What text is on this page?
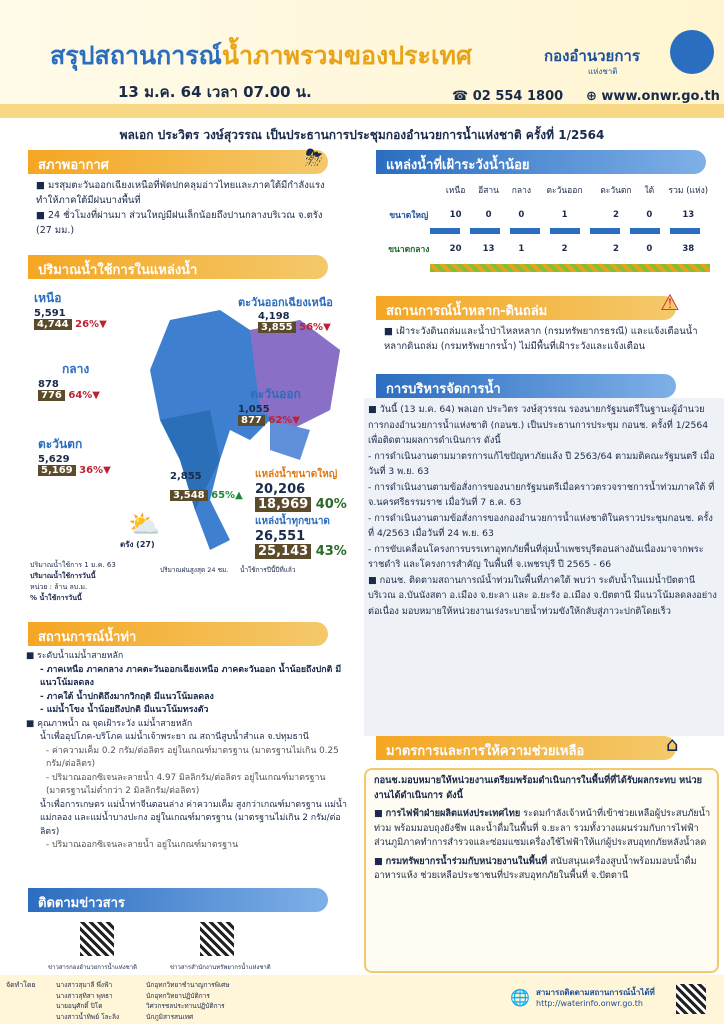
สรุปสถานการณ์น้ำภาพรวมของประเทศ
13 ม.ค. 64 เวลา 07.00 น.
กองอำนวยการ
แห่งชาติ
☎ 02 554 1800 ⊕ www.onwr.go.th
พลเอก ประวิตร วงษ์สุวรรณ เป็นประธานการประชุมกองอำนวยการน้ำแห่งชาติ ครั้งที่ 1/2564
สภาพอากาศ	⛈
■ มรสุมตะวันออกเฉียงเหนือที่พัดปกคลุมอ่าวไทยและภาคใต้มีกำลังแรง ทำให้ภาคใต้มีฝนบางพื้นที่
■ 24 ชั่วโมงที่ผ่านมา ส่วนใหญ่มีฝนเล็กน้อยถึงปานกลางบริเวณ จ.ตรัง (27 มม.)
ปริมาณน้ำใช้การในแหล่งน้ำ
เหนือ
5,591
4,744 26%▼
ตะวันออกเฉียงเหนือ
4,198
3,855 56%▼
กลาง
878
776 64%▼	ตะวันออก
1,055
877 62%▼
ตะวันตก
5,629
5,169 36%▼
ใต้
2,855
3,548 65%▲
แหล่งน้ำขนาดใหญ่
20,206
18,969 40%
แหล่งน้ำทุกขนาด
26,551
25,143 43%
⛅
ตรัง (27)
ปริมาณน้ำใช้การ 1 ม.ค. 63
ปริมาณน้ำใช้การวันนี้
หน่วย : ล้าน ลบ.ม.
% น้ำใช้การวันนี้
ปริมาณฝนสูงสุด 24 ชม. น้ำใช้การปีนี้ปีที่แล้ว
สถานการณ์น้ำท่า
■ ระดับน้ำแม่น้ำสายหลัก
- ภาคเหนือ ภาคกลาง ภาคตะวันออกเฉียงเหนือ ภาคตะวันออก น้ำน้อยถึงปกติ มีแนวโน้มลดลง
- ภาคใต้ น้ำปกติถึงมากวิกฤติ มีแนวโน้มลดลง
- แม่น้ำโขง น้ำน้อยถึงปกติ มีแนวโน้มทรงตัว
■ คุณภาพน้ำ ณ จุดเฝ้าระวัง แม่น้ำสายหลัก
น้ำเพื่ออุปโภค-บริโภค แม่น้ำเจ้าพระยา ณ สถานีสูบน้ำสำแล จ.ปทุมธานี
- ค่าความเค็ม 0.2 กรัม/ต่อลิตร อยู่ในเกณฑ์มาตรฐาน (มาตรฐานไม่เกิน 0.25 กรัม/ต่อลิตร)
- ปริมาณออกซิเจนละลายน้ำ 4.97 มิลลิกรัม/ต่อลิตร อยู่ในเกณฑ์มาตรฐาน (มาตรฐานไม่ต่ำกว่า 2 มิลลิกรัม/ต่อลิตร)
น้ำเพื่อการเกษตร แม่น้ำท่าจีนตอนล่าง ค่าความเค็ม สูงกว่าเกณฑ์มาตรฐาน แม่น้ำแม่กลอง และแม่น้ำบางปะกง อยู่ในเกณฑ์มาตรฐาน (มาตรฐานไม่เกิน 2 กรัม/ต่อลิตร)
- ปริมาณออกซิเจนละลายน้ำ อยู่ในเกณฑ์มาตรฐาน
ติดตามข่าวสาร
ข่าวสารกองอำนวยการน้ำแห่งชาติ	ข่าวสารสำนักงานทรัพยากรน้ำแห่งชาติ
แหล่งน้ำที่เฝ้าระวังน้ำน้อย
	เหนือ	อีสาน	กลาง	ตะวันออก	ตะวันตก	ใต้	รวม (แห่ง)
ขนาดใหญ่	10	0	0	1	2	0	13
ขนาดกลาง	20	13	1	2	2	0	38
สถานการณ์น้ำหลาก-ดินถล่ม	⚠
■ เฝ้าระวังดินถล่มและน้ำป่าไหลหลาก (กรมทรัพยากรธรณี) และแจ้งเตือนน้ำหลากดินถล่ม (กรมทรัพยากรน้ำ) ไม่มีพื้นที่เฝ้าระวังและแจ้งเตือน
การบริหารจัดการน้ำ
■ วันนี้ (13 ม.ค. 64) พลเอก ประวิตร วงษ์สุวรรณ รองนายกรัฐมนตรีในฐานะผู้อำนวยการกองอำนวยการน้ำแห่งชาติ (กอนช.) เป็นประธานการประชุม กอนช. ครั้งที่ 1/2564 เพื่อติดตามผลการดำเนินการ ดังนี้
- การดำเนินงานตามมาตรการแก้ไขปัญหาภัยแล้ง ปี 2563/64 ตามมติคณะรัฐมนตรี เมื่อวันที่ 3 พ.ย. 63
- การดำเนินงานตามข้อสั่งการของนายกรัฐมนตรีเมื่อคราวตรวจราชการน้ำท่วมภาคใต้ ที่ จ.นครศรีธรรมราช เมื่อวันที่ 7 ธ.ค. 63
- การดำเนินงานตามข้อสั่งการของกองอำนวยการน้ำแห่งชาติในคราวประชุมกอนช. ครั้งที่ 4/2563 เมื่อวันที่ 24 พ.ย. 63
- การขับเคลื่อนโครงการบรรเทาอุทกภัยพื้นที่ลุ่มน้ำเพชรบุรีตอนล่างอันเนื่องมาจากพระราชดำริ และโครงการสำคัญ ในพื้นที่ จ.เพชรบุรี ปี 2565 - 66
■ กอนช. ติดตามสถานการณ์น้ำท่วมในพื้นที่ภาคใต้ พบว่า ระดับน้ำในแม่น้ำปัตตานี บริเวณ อ.บันนังสตา อ.เมือง จ.ยะลา และ อ.ยะรัง อ.เมือง จ.ปัตตานี มีแนวโน้มลดลงอย่างต่อเนื่อง มอบหมายให้หน่วยงานเร่งระบายน้ำท่วมขังให้กลับสู่ภาวะปกติโดยเร็ว
มาตรการและการให้ความช่วยเหลือ	⌂
กอนช.มอบหมายให้หน่วยงานเตรียมพร้อมดำเนินการในพื้นที่ที่ได้รับผลกระทบ หน่วยงานได้ดำเนินการ ดังนี้
■ การไฟฟ้าฝ่ายผลิตแห่งประเทศไทย ระดมกำลังเจ้าหน้าที่เข้าช่วยเหลือผู้ประสบภัยน้ำท่วม พร้อมมอบถุงยังชีพ และน้ำดื่มในพื้นที่ จ.ยะลา รวมทั้งวางแผนร่วมกับการไฟฟ้าส่วนภูมิภาคทำการสำรวจและซ่อมแซมเครื่องใช้ไฟฟ้าให้แก่ผู้ประสบอุทกภัยหลังน้ำลด
■ กรมทรัพยากรน้ำร่วมกับหน่วยงานในพื้นที่ สนับสนุนเครื่องสูบน้ำพร้อมมอบน้ำดื่ม อาหารแห้ง ช่วยเหลือประชาชนที่ประสบอุทกภัยในพื้นที่ จ.ปัตตานี
จัดทำโดย	นางสาวสุมาลี พึ่งฟ้า
นางสาวสุทิสา พุทธา
นายอนุศักดิ์ ปิโต
นางสาวน้ำทิพย์ โละลิง
นักอุทกวิทยาชำนาญการพิเศษ
นักอุทกวิทยาปฏิบัติการ
วิศวกรชลประทานปฏิบัติการ
นักภูมิสารสนเทศ
🌐 สามารถติดตามสถานการณ์น้ำได้ที่
http://waterinfo.onwr.go.th
